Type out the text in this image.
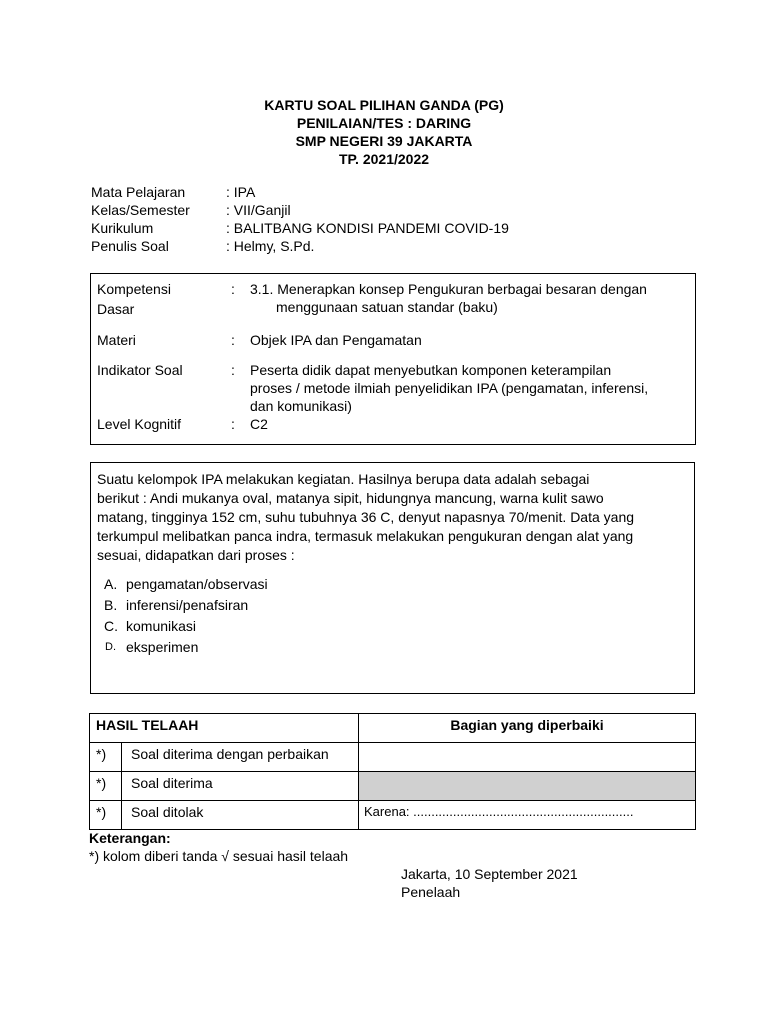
KARTU SOAL PILIHAN GANDA (PG)
PENILAIAN/TES : DARING
SMP NEGERI 39 JAKARTA
TP. 2021/2022
Mata Pelajaran	: IPA
Kelas/Semester	: VII/Ganjil
Kurikulum	: BALITBANG KONDISI PANDEMI COVID-19
Penulis Soal	: Helmy, S.Pd.
Kompetensi
Dasar
: 3.1. Menerapkan konsep Pengukuran berbagai besaran dengan
menggunaan satuan standar (baku)
Materi	: Objek IPA dan Pengamatan
Indikator Soal	: Peserta didik dapat menyebutkan komponen keterampilan
proses / metode ilmiah penyelidikan IPA (pengamatan, inferensi,
dan komunikasi)
Level Kognitif	: C2
Suatu kelompok IPA melakukan kegiatan. Hasilnya berupa data adalah sebagai
berikut : Andi mukanya oval, matanya sipit, hidungnya mancung, warna kulit sawo
matang, tingginya 152 cm, suhu tubuhnya 36 C, denyut napasnya 70/menit. Data yang
terkumpul melibatkan panca indra, termasuk melakukan pengukuran dengan alat yang
sesuai, didapatkan dari proses :
A. pengamatan/observasi
B. inferensi/penafsiran
C. komunikasi
D. eksperimen
HASIL TELAAH	Bagian yang diperbaiki
*) Soal diterima dengan perbaikan
*) Soal diterima
*) Soal ditolak	Karena: .............................................................
Keterangan:
*) kolom diberi tanda √ sesuai hasil telaah
Jakarta, 10 September 2021
Penelaah
